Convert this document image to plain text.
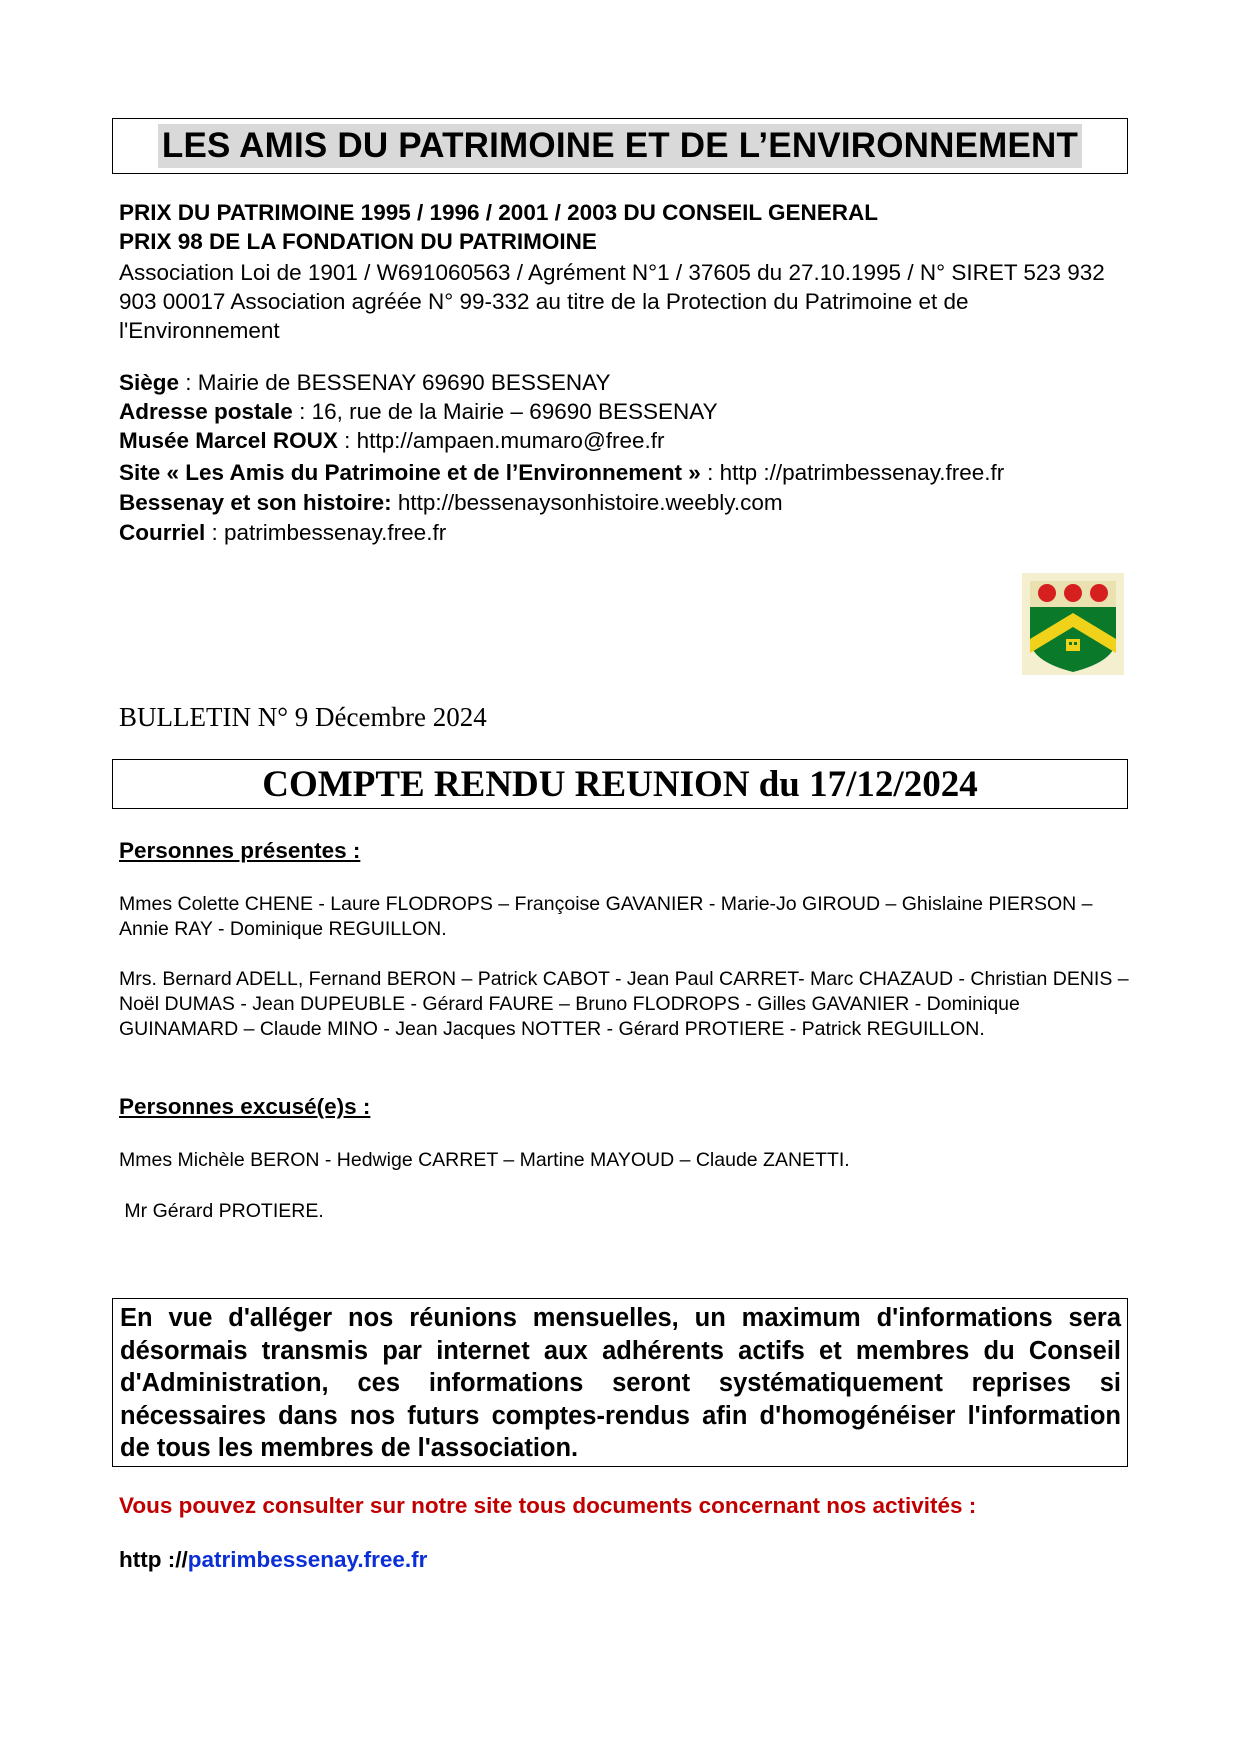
LES AMIS DU PATRIMOINE ET DE L’ENVIRONNEMENT
PRIX DU PATRIMOINE 1995 / 1996 / 2001 / 2003 DU CONSEIL GENERAL
PRIX 98 DE LA FONDATION DU PATRIMOINE
Association Loi de 1901 / W691060563 / Agrément N°1 / 37605 du 27.10.1995 / N° SIRET 523 932 903 00017 Association agréée N° 99-332 au titre de la Protection du Patrimoine et de l'Environnement
Siège : Mairie de BESSENAY 69690 BESSENAY
Adresse postale : 16, rue de la Mairie – 69690 BESSENAY
Musée Marcel ROUX : http://ampaen.mumaro@free.fr
Site « Les Amis du Patrimoine et de l’Environnement » : http ://patrimbessenay.free.fr
Bessenay et son histoire: http://bessenaysonhistoire.weebly.com
Courriel : patrimbessenay.free.fr
BULLETIN N° 9 Décembre 2024
COMPTE RENDU REUNION du 17/12/2024
Personnes présentes :
Mmes Colette CHENE - Laure FLODROPS – Françoise GAVANIER - Marie-Jo GIROUD – Ghislaine PIERSON – Annie RAY - Dominique REGUILLON.
Mrs. Bernard ADELL, Fernand BERON – Patrick CABOT - Jean Paul CARRET- Marc CHAZAUD - Christian DENIS – Noël DUMAS - Jean DUPEUBLE - Gérard FAURE – Bruno FLODROPS - Gilles GAVANIER - Dominique GUINAMARD – Claude MINO - Jean Jacques NOTTER - Gérard PROTIERE - Patrick REGUILLON.
Personnes excusé(e)s :
Mmes Michèle BERON - Hedwige CARRET – Martine MAYOUD – Claude ZANETTI.
Mr Gérard PROTIERE.
En vue d'alléger nos réunions mensuelles, un maximum d'informations sera désormais transmis par internet aux adhérents actifs et membres du Conseil d'Administration, ces informations seront systématiquement reprises si nécessaires dans nos futurs comptes-rendus afin d'homogénéiser l'information de tous les membres de l'association.
Vous pouvez consulter sur notre site tous documents concernant nos activités :
http ://patrimbessenay.free.fr
